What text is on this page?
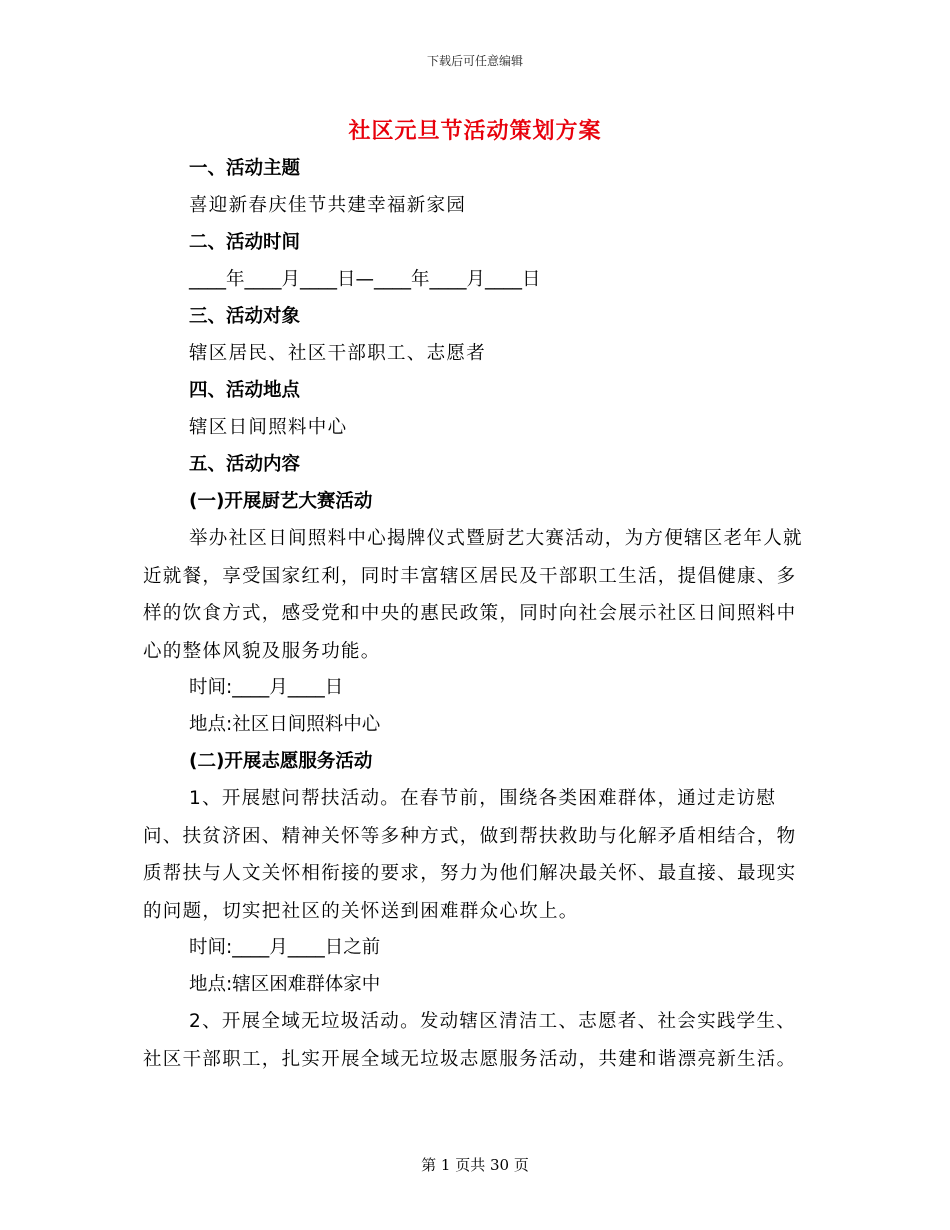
下载后可任意编辑
社区元旦节活动策划方案
一、活动主题
喜迎新春庆佳节共建幸福新家园
二、活动时间
____年____月____日—____年____月____日
三、活动对象
辖区居民、社区干部职工、志愿者
四、活动地点
辖区日间照料中心
五、活动内容
(一)开展厨艺大赛活动
举办社区日间照料中心揭牌仪式暨厨艺大赛活动，为方便辖区老年人就近就餐，享受国家红利，同时丰富辖区居民及干部职工生活，提倡健康、多样的饮食方式，感受党和中央的惠民政策，同时向社会展示社区日间照料中心的整体风貌及服务功能。
时间:____月____日
地点:社区日间照料中心
(二)开展志愿服务活动
1、开展慰问帮扶活动。在春节前，围绕各类困难群体，通过走访慰问、扶贫济困、精神关怀等多种方式，做到帮扶救助与化解矛盾相结合，物质帮扶与人文关怀相衔接的要求，努力为他们解决最关怀、最直接、最现实的问题，切实把社区的关怀送到困难群众心坎上。
时间:____月____日之前
地点:辖区困难群体家中
2、开展全域无垃圾活动。发动辖区清洁工、志愿者、社会实践学生、社区干部职工，扎实开展全域无垃圾志愿服务活动，共建和谐漂亮新生活。
第 1 页共 30 页
